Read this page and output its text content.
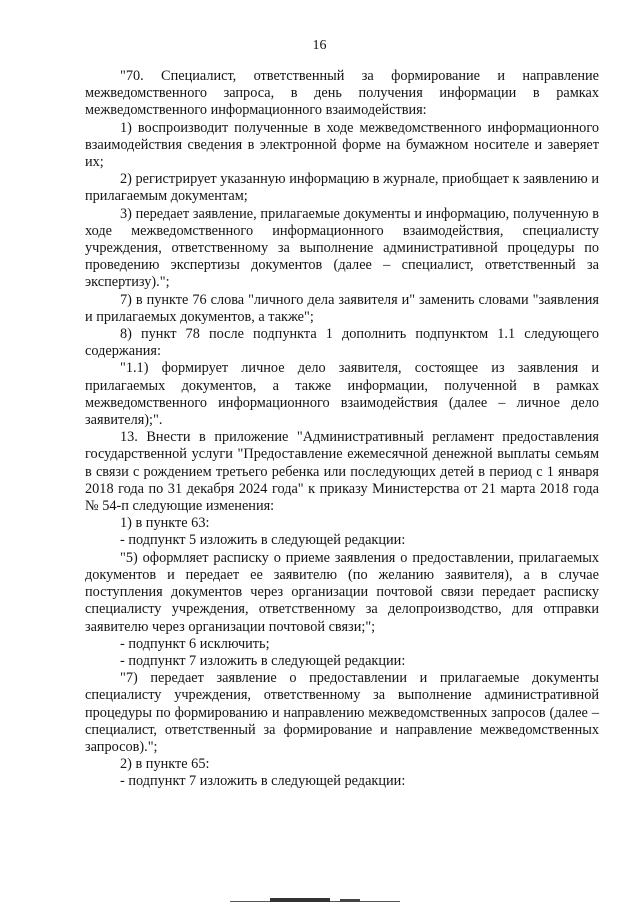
16

"70. Специалист, ответственный за формирование и направление межведомственного запроса, в день получения информации в рамках межведомственного информационного взаимодействия:

1) воспроизводит полученные в ходе межведомственного информационного взаимодействия сведения в электронной форме на бумажном носителе и заверяет их;

2) регистрирует указанную информацию в журнале, приобщает к заявлению и прилагаемым документам;

3) передает заявление, прилагаемые документы и информацию, полученную в ходе межведомственного информационного взаимодействия, специалисту учреждения, ответственному за выполнение административной процедуры по проведению экспертизы документов (далее – специалист, ответственный за экспертизу).";

7) в пункте 76 слова "личного дела заявителя и" заменить словами "заявления и прилагаемых документов, а также";

8) пункт 78 после подпункта 1 дополнить подпунктом 1.1 следующего содержания:

"1.1) формирует личное дело заявителя, состоящее из заявления и прилагаемых документов, а также информации, полученной в рамках межведомственного информационного взаимодействия (далее – личное дело заявителя);".

13. Внести в приложение "Административный регламент предоставления государственной услуги "Предоставление ежемесячной денежной выплаты семьям в связи с рождением третьего ребенка или последующих детей в период с 1 января 2018 года по 31 декабря 2024 года" к приказу Министерства от 21 марта 2018 года № 54-п следующие изменения:

1) в пункте 63:

- подпункт 5 изложить в следующей редакции:

"5) оформляет расписку о приеме заявления о предоставлении, прилагаемых документов и передает ее заявителю (по желанию заявителя), а в случае поступления документов через организации почтовой связи передает расписку специалисту учреждения, ответственному за делопроизводство, для отправки заявителю через организации почтовой связи;";

- подпункт 6 исключить;

- подпункт 7 изложить в следующей редакции:

"7) передает заявление о предоставлении и прилагаемые документы специалисту учреждения, ответственному за выполнение административной процедуры по формированию и направлению межведомственных запросов (далее – специалист, ответственный за формирование и направление межведомственных запросов).";

2) в пункте 65:

- подпункт 7 изложить в следующей редакции:
